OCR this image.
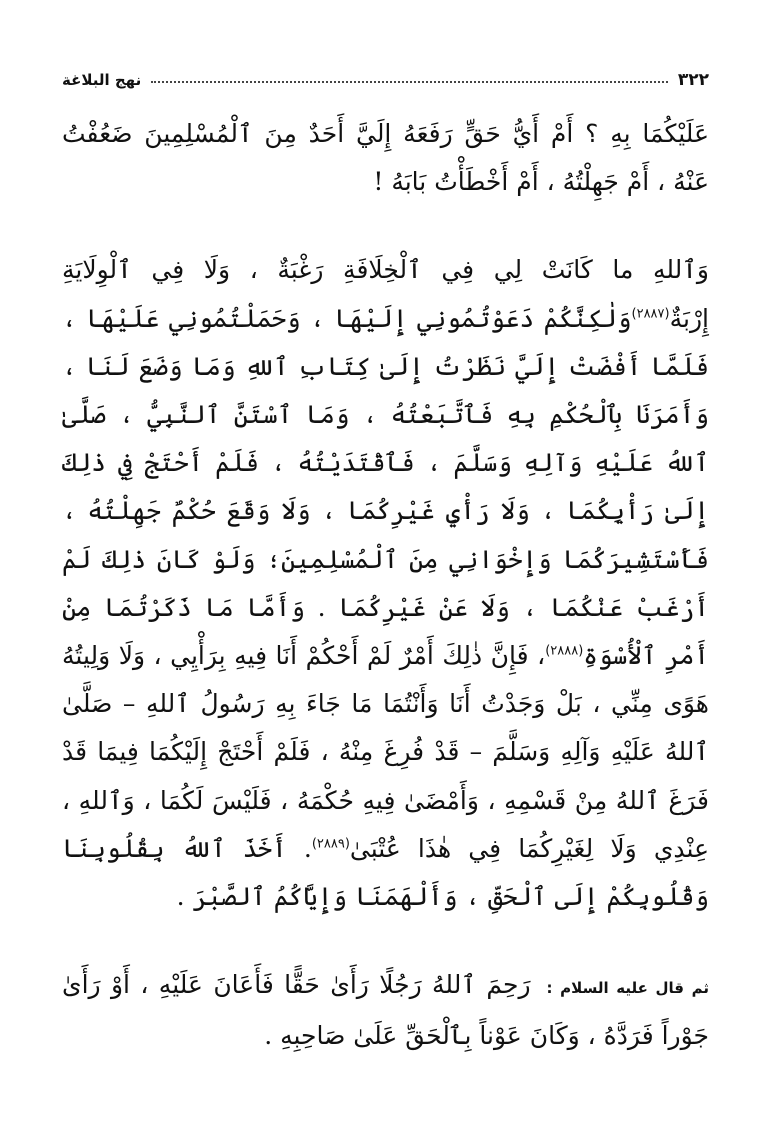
٣٢٢
نهج البلاغة

عَلَيْكُمَا بِهِ ؟ أَمْ أَيُّ حَقٍّ رَفَعَهُ إِلَيَّ أَحَدٌ مِنَ ٱلْمُسْلِمِينَ ضَعُفْتُ عَنْهُ ، أَمْ جَهِلْتُهُ ، أَمْ أَخْطَأْتُ بَابَهُ !

وَٱللهِ ما كَانَتْ لِي فِي ٱلْخِلَافَةِ رَغْبَةٌ ، وَلَا فِي ٱلْوِلَايَةِ إِرْبَةٌ$^{(٢٨٨٧)}$وَلٰكِنَّكُمْ دَعَوْتُمُونِي إِلَيْهَا ، وَحَمَلْتُمُونِي عَلَيْهَا ، فَلَمَّا أَفْضَتْ إِلَيَّ نَظَرْتُ إِلَىٰ كِتَابِ ٱللهِ وَمَا وَضَعَ لَنَا ، وَأَمَرَنَا بِٱلْحُكْمِ بِهِ فَٱتَّبَعْتُهُ ، وَمَا ٱسْتَنَّ ٱلنَّبِيُّ ، صَلَّىٰ ٱللهُ عَلَيْهِ وَآلِهِ وَسَلَّمَ ، فَٱقْتَدَيْتُهُ ، فَلَمْ أَحْتَجْ فِي ذٰلِكَ إِلَىٰ رَأْيِكُمَا ، وَلَا رَأْيِ غَيْرِكُمَا ، وَلَا وَقَعَ حُكْمٌ جَهِلْتُهُ ، فَأَسْتَشِيرَكُمَا وَإِخْوَانِي مِنَ ٱلْمُسْلِمِينَ؛ وَلَوْ كَانَ ذٰلِكَ لَمْ أَرْغَبْ عَنْكُمَا ، وَلَا عَنْ غَيْرِكُمَا . وَأَمَّا مَا ذَكَرْتُمَا مِنْ أَمْرِ ٱلْأُسْوَةِ$^{(٢٨٨٨)}$، فَإِنَّ ذٰلِكَ أَمْرٌ لَمْ أَحْكُمْ أَنَا فِيهِ بِرَأْيِي ، وَلَا وَلِيتُهُ هَوًى مِنِّي ، بَلْ وَجَدْتُ أَنَا وَأَنْتُمَا مَا جَاءَ بِهِ رَسُولُ ٱللهِ – صَلَّىٰ ٱللهُ عَلَيْهِ وَآلِهِ وَسَلَّمَ – قَدْ فُرِغَ مِنْهُ ، فَلَمْ أَحْتَجْ إِلَيْكُمَا فِيمَا قَدْ فَرَغَ ٱللهُ مِنْ قَسْمِهِ ، وَأَمْضَىٰ فِيهِ حُكْمَهُ ، فَلَيْسَ لَكُمَا ، وَٱللهِ ، عِنْدِي وَلَا لِغَيْرِكُمَا فِي هٰذَا عُتْبَىٰ$^{(٢٨٨٩)}$. أَخَذَ ٱللهُ بِقُلُوبِنَا وَقُلُوبِكُمْ إِلَى ٱلْحَقِّ ، وَأَلْهَمَنَا وَإِيَّاكُمُ ٱلصَّبْرَ .

ثم قال عليه السلام :رَحِمَ ٱللهُ رَجُلًا رَأَىٰ حَقًّا فَأَعَانَ عَلَيْهِ ، أَوْ رَأَىٰ جَوْراً فَرَدَّهُ ، وَكَانَ عَوْناً بِٱلْحَقِّ عَلَىٰ صَاحِبِهِ .
